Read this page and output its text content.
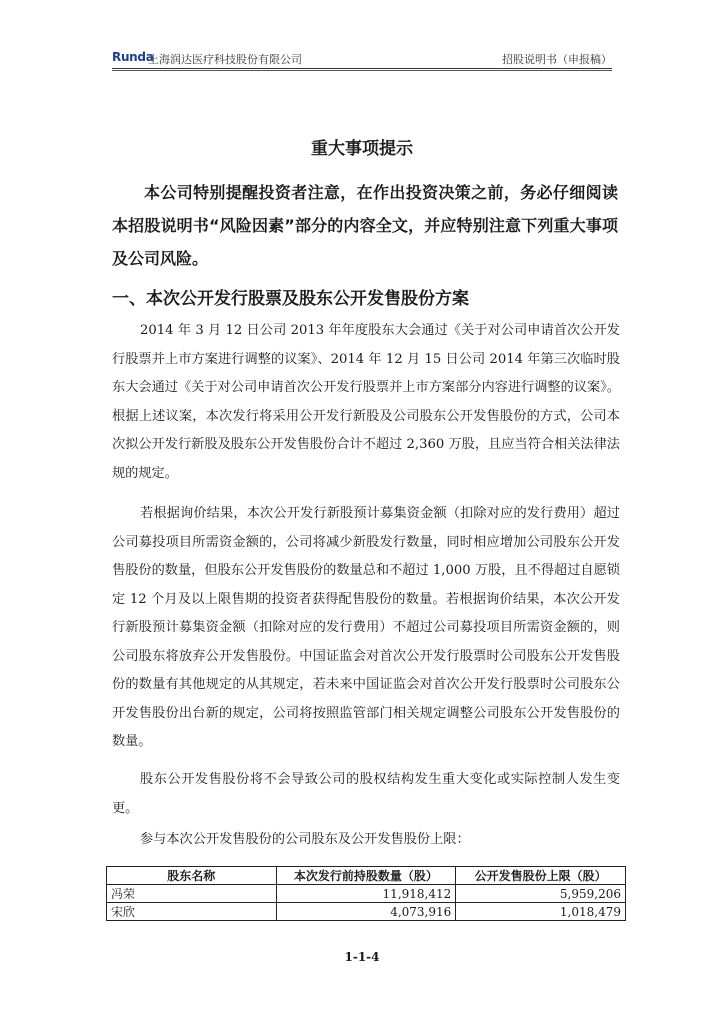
Runda
上海润达医疗科技股份有限公司	招股说明书（申报稿）
重大事项提示
本公司特别提醒投资者注意，在作出投资决策之前，务必仔细阅读本招股说明书“风险因素”部分的内容全文，并应特别注意下列重大事项及公司风险。
一、本次公开发行股票及股东公开发售股份方案
2014 年 3 月 12 日公司 2013 年年度股东大会通过《关于对公司申请首次公开发行股票并上市方案进行调整的议案》、2014 年 12 月 15 日公司 2014 年第三次临时股东大会通过《关于对公司申请首次公开发行股票并上市方案部分内容进行调整的议案》。根据上述议案，本次发行将采用公开发行新股及公司股东公开发售股份的方式，公司本次拟公开发行新股及股东公开发售股份合计不超过 2,360 万股，且应当符合相关法律法规的规定。
若根据询价结果，本次公开发行新股预计募集资金额（扣除对应的发行费用）超过公司募投项目所需资金额的，公司将减少新股发行数量，同时相应增加公司股东公开发售股份的数量，但股东公开发售股份的数量总和不超过 1,000 万股，且不得超过自愿锁定 12 个月及以上限售期的投资者获得配售股份的数量。若根据询价结果，本次公开发行新股预计募集资金额（扣除对应的发行费用）不超过公司募投项目所需资金额的，则公司股东将放弃公开发售股份。中国证监会对首次公开发行股票时公司股东公开发售股份的数量有其他规定的从其规定，若未来中国证监会对首次公开发行股票时公司股东公开发售股份出台新的规定，公司将按照监管部门相关规定调整公司股东公开发售股份的数量。
股东公开发售股份将不会导致公司的股权结构发生重大变化或实际控制人发生变更。
参与本次公开发售股份的公司股东及公开发售股份上限：
股东名称	本次发行前持股数量（股）	公开发售股份上限（股）
冯荣	11,918,412	5,959,206
宋欣	4,073,916	1,018,479
1-1-4
